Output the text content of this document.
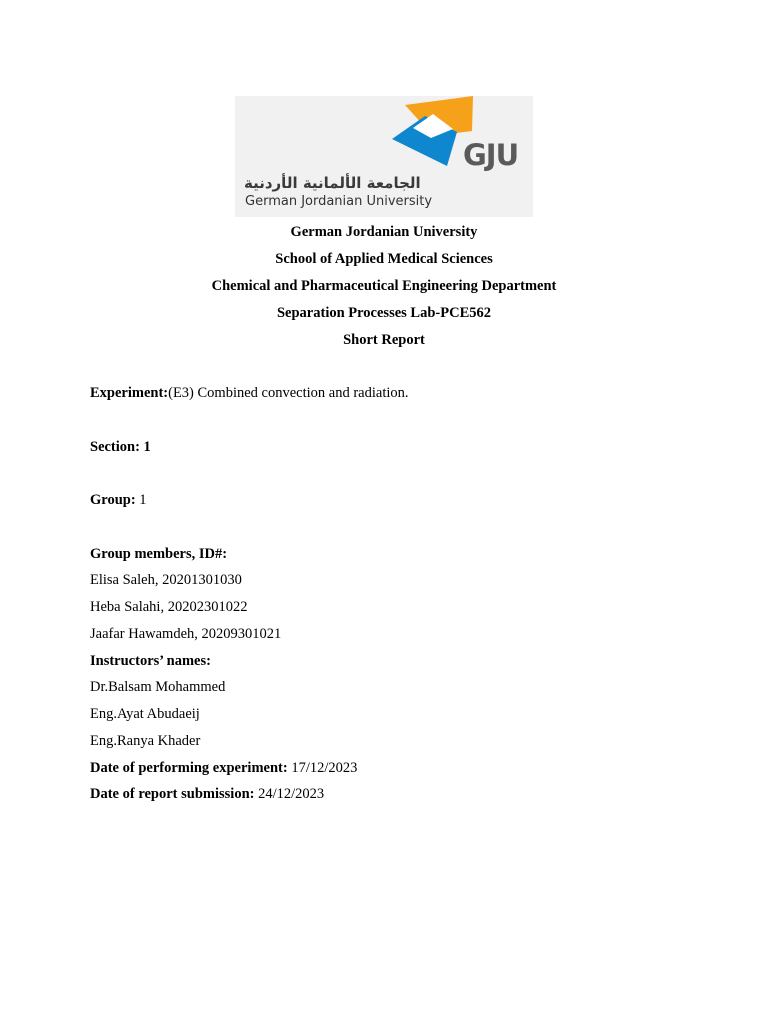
GJU
الجامعة الألمانية الأردنية
German Jordanian University
German Jordanian University
School of Applied Medical Sciences
Chemical and Pharmaceutical Engineering Department
Separation Processes Lab-PCE562
Short Report
Experiment:(E3) Combined convection and radiation.
Section: 1
Group: 1
Group members, ID#:
Elisa Saleh, 20201301030
Heba Salahi, 20202301022
Jaafar Hawamdeh, 20209301021
Instructors’ names:
Dr.Balsam Mohammed
Eng.Ayat Abudaeij
Eng.Ranya Khader
Date of performing experiment: 17/12/2023
Date of report submission: 24/12/2023
